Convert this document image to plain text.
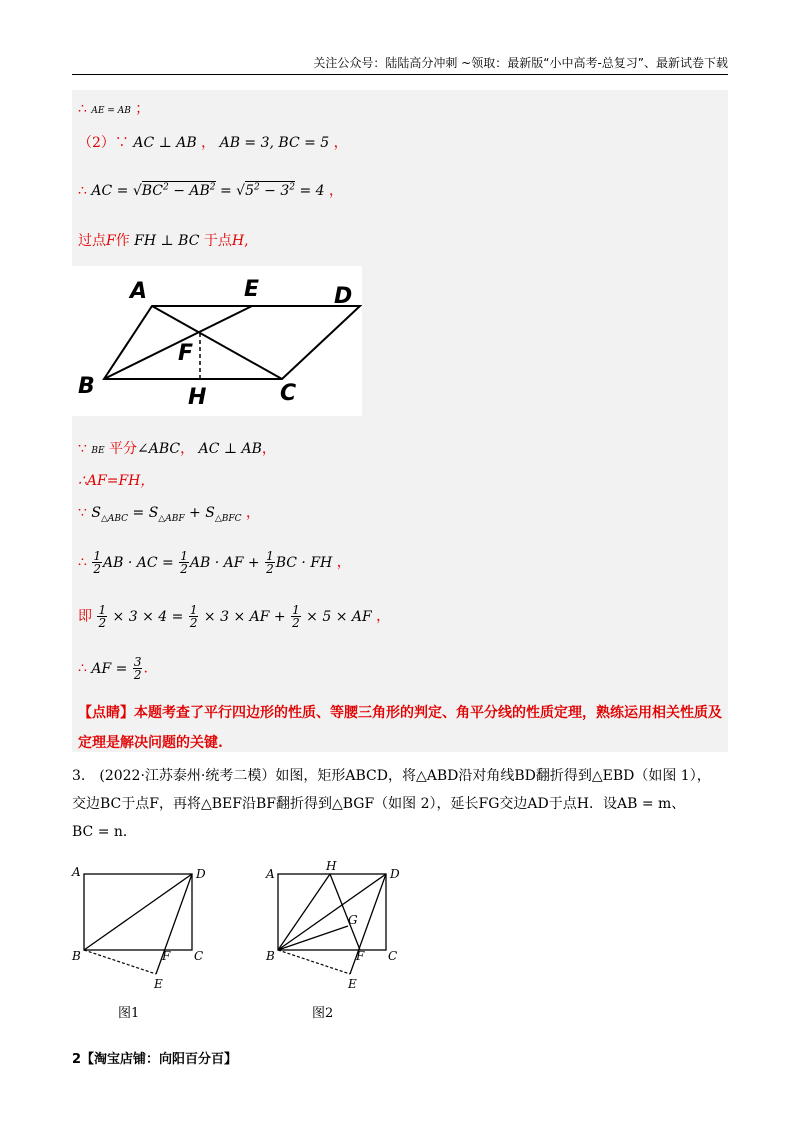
关注公众号：陆陆高分冲刺 ~领取：最新版“小中高考-总复习”、最新试卷下载
∴ AE = AB ；
（2）∵ AC ⊥ AB ， AB = 3, BC = 5 ，
∴ AC = $√BC^2 - AB^2 = √5^2 - 3^2 = 4$ ，
过点F作 FH ⊥ BC 于点H,
∵ BE 平分∠ABC， AC ⊥ AB，
∴AF=FH，
∵ $S_{\triangle ABC} = S_{\triangle ABF} + S_{\triangle BFC}$ ，
∴ $\frac{1}{2}$ AB · AC = $\frac{1}{2}$ AB · AF + $\frac{1}{2}$ BC · FH ，
即 $\frac{1}{2} \times 3 \times 4 = \frac{1}{2} \times 3$ × AF + $\frac{1}{2} \times 5$ × AF ，
∴ AF = $\frac{3}{2}$ .
【点睛】本题考查了平行四边形的性质、等腰三角形的判定、角平分线的性质定理，熟练运用相关性质及
定理是解决问题的关键.
A	E	D
F
B	H	C
3.　(2022·江苏泰州·统考二模）如图，矩形ABCD，将△ABD沿对角线BD翻折得到△EBD（如图 1），
交边BC于点F，再将△BEF沿BF翻折得到△BGF（如图 2），延长FG交边AD于点H．设AB = m、
BC = n．
A	D
B	F C
E
图1
A
H
D
G
B	F C
E
图2
2【淘宝店铺：向阳百分百】
